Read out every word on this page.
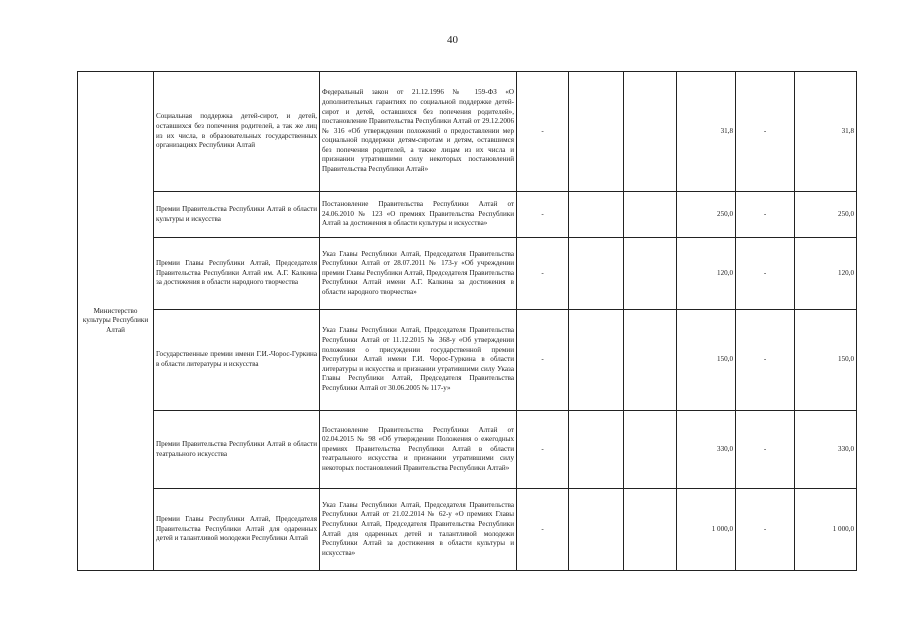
40
Министерство культуры Республики Алтай	Социальная поддержка детей-сирот, и детей, оставшихся без попечения родителей, а так же лиц из их числа, в образовательных государственных организациях Республики Алтай	Федеральный закон от 21.12.1996 № 159-ФЗ «О дополнительных гарантиях по социальной поддержке детей-сирот и детей, оставшихся без попечения родителей», постановление Правительства Республики Алтай от 29.12.2006 № 316 «Об утверждении положений о предоставлении мер социальной поддержки детям-сиротам и детям, оставшимся без попечения родителей, а также лицам из их числа и признании утратившими силу некоторых постановлений Правительства Республики Алтай»	-			31,8	-	31,8
	Премии Правительства Республики Алтай в области культуры и искусства	Постановление Правительства Республики Алтай от 24.06.2010 № 123 «О премиях Правительства Республики Алтай за достижения в области культуры и искусства»	-			250,0	-	250,0
	Премии Главы Республики Алтай, Председателя Правительства Республики Алтай им. А.Г. Калкина за достижения в области народного творчества	Указ Главы Республики Алтай, Председателя Правительства Республики Алтай от 28.07.2011 № 173-у «Об учреждении премии Главы Республики Алтай, Председателя Правительства Республики Алтай имени А.Г. Калкина за достижения в области народного творчества»	-			120,0	-	120,0
	Государственные премии имени Г.И.-Чорос-Гуркина в области литературы и искусства	Указ Главы Республики Алтай, Председателя Правительства Республики Алтай от 11.12.2015 № 368-у «Об утверждении положения о присуждении государственной премии Республики Алтай имени Г.И. Чорос-Гуркина в области литературы и искусства и признании утратившими силу Указа Главы Республики Алтай, Председателя Правительства Республики Алтай от 30.06.2005 № 117-у»	-			150,0	-	150,0
	Премии Правительства Республики Алтай в области театрального искусства	Постановление Правительства Республики Алтай от 02.04.2015 № 98 «Об утверждении Положения о ежегодных премиях Правительства Республики Алтай в области театрального искусства и признании утратившими силу некоторых постановлений Правительства Республики Алтай»	-			330,0	-	330,0
	Премии Главы Республики Алтай, Председателя Правительства Республики Алтай для одаренных детей и талантливой молодежи Республики Алтай	Указ Главы Республики Алтай, Председателя Правительства Республики Алтай от 21.02.2014 № 62-у «О премиях Главы Республики Алтай, Председателя Правительства Республики Алтай для одаренных детей и талантливой молодежи Республики Алтай за достижения в области культуры и искусства»	-			1 000,0	-	1 000,0
